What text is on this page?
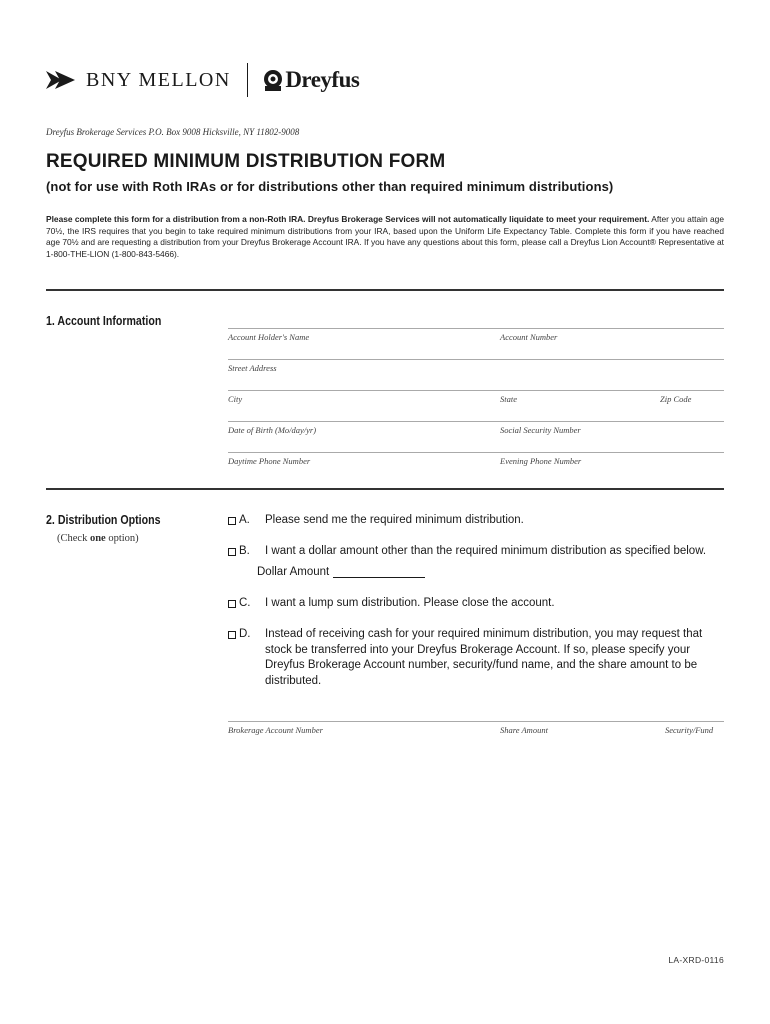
BNY MELLON Dreyfus
Dreyfus Brokerage Services P.O. Box 9008 Hicksville, NY 11802-9008
REQUIRED MINIMUM DISTRIBUTION FORM
(not for use with Roth IRAs or for distributions other than required minimum distributions)
Please complete this form for a distribution from a non-Roth IRA. Dreyfus Brokerage Services will not automatically liquidate to meet your requirement. After you attain age 70½, the IRS requires that you begin to take required minimum distributions from your IRA, based upon the Uniform Life Expectancy Table. Complete this form if you have reached age 70½ and are requesting a distribution from your Dreyfus Brokerage Account IRA. If you have any questions about this form, please call a Dreyfus Lion Account® Representative at 1-800-THE-LION (1-800-843-5466).
1. Account Information
Account Holder's Name	Account Number
Street Address
City	State	Zip Code
Date of Birth (Mo/day/yr)	Social Security Number
Daytime Phone Number	Evening Phone Number
2. Distribution Options
(Check one option)
A.	Please send me the required minimum distribution.
B.	I want a dollar amount other than the required minimum distribution as specified below.
Dollar Amount
C.	I want a lump sum distribution. Please close the account.
D.	Instead of receiving cash for your required minimum distribution, you may request that stock be transferred into your Dreyfus Brokerage Account. If so, please specify your Dreyfus Brokerage Account number, security/fund name, and the share amount to be distributed.
Brokerage Account Number	Share Amount	Security/Fund
LA-XRD-0116
